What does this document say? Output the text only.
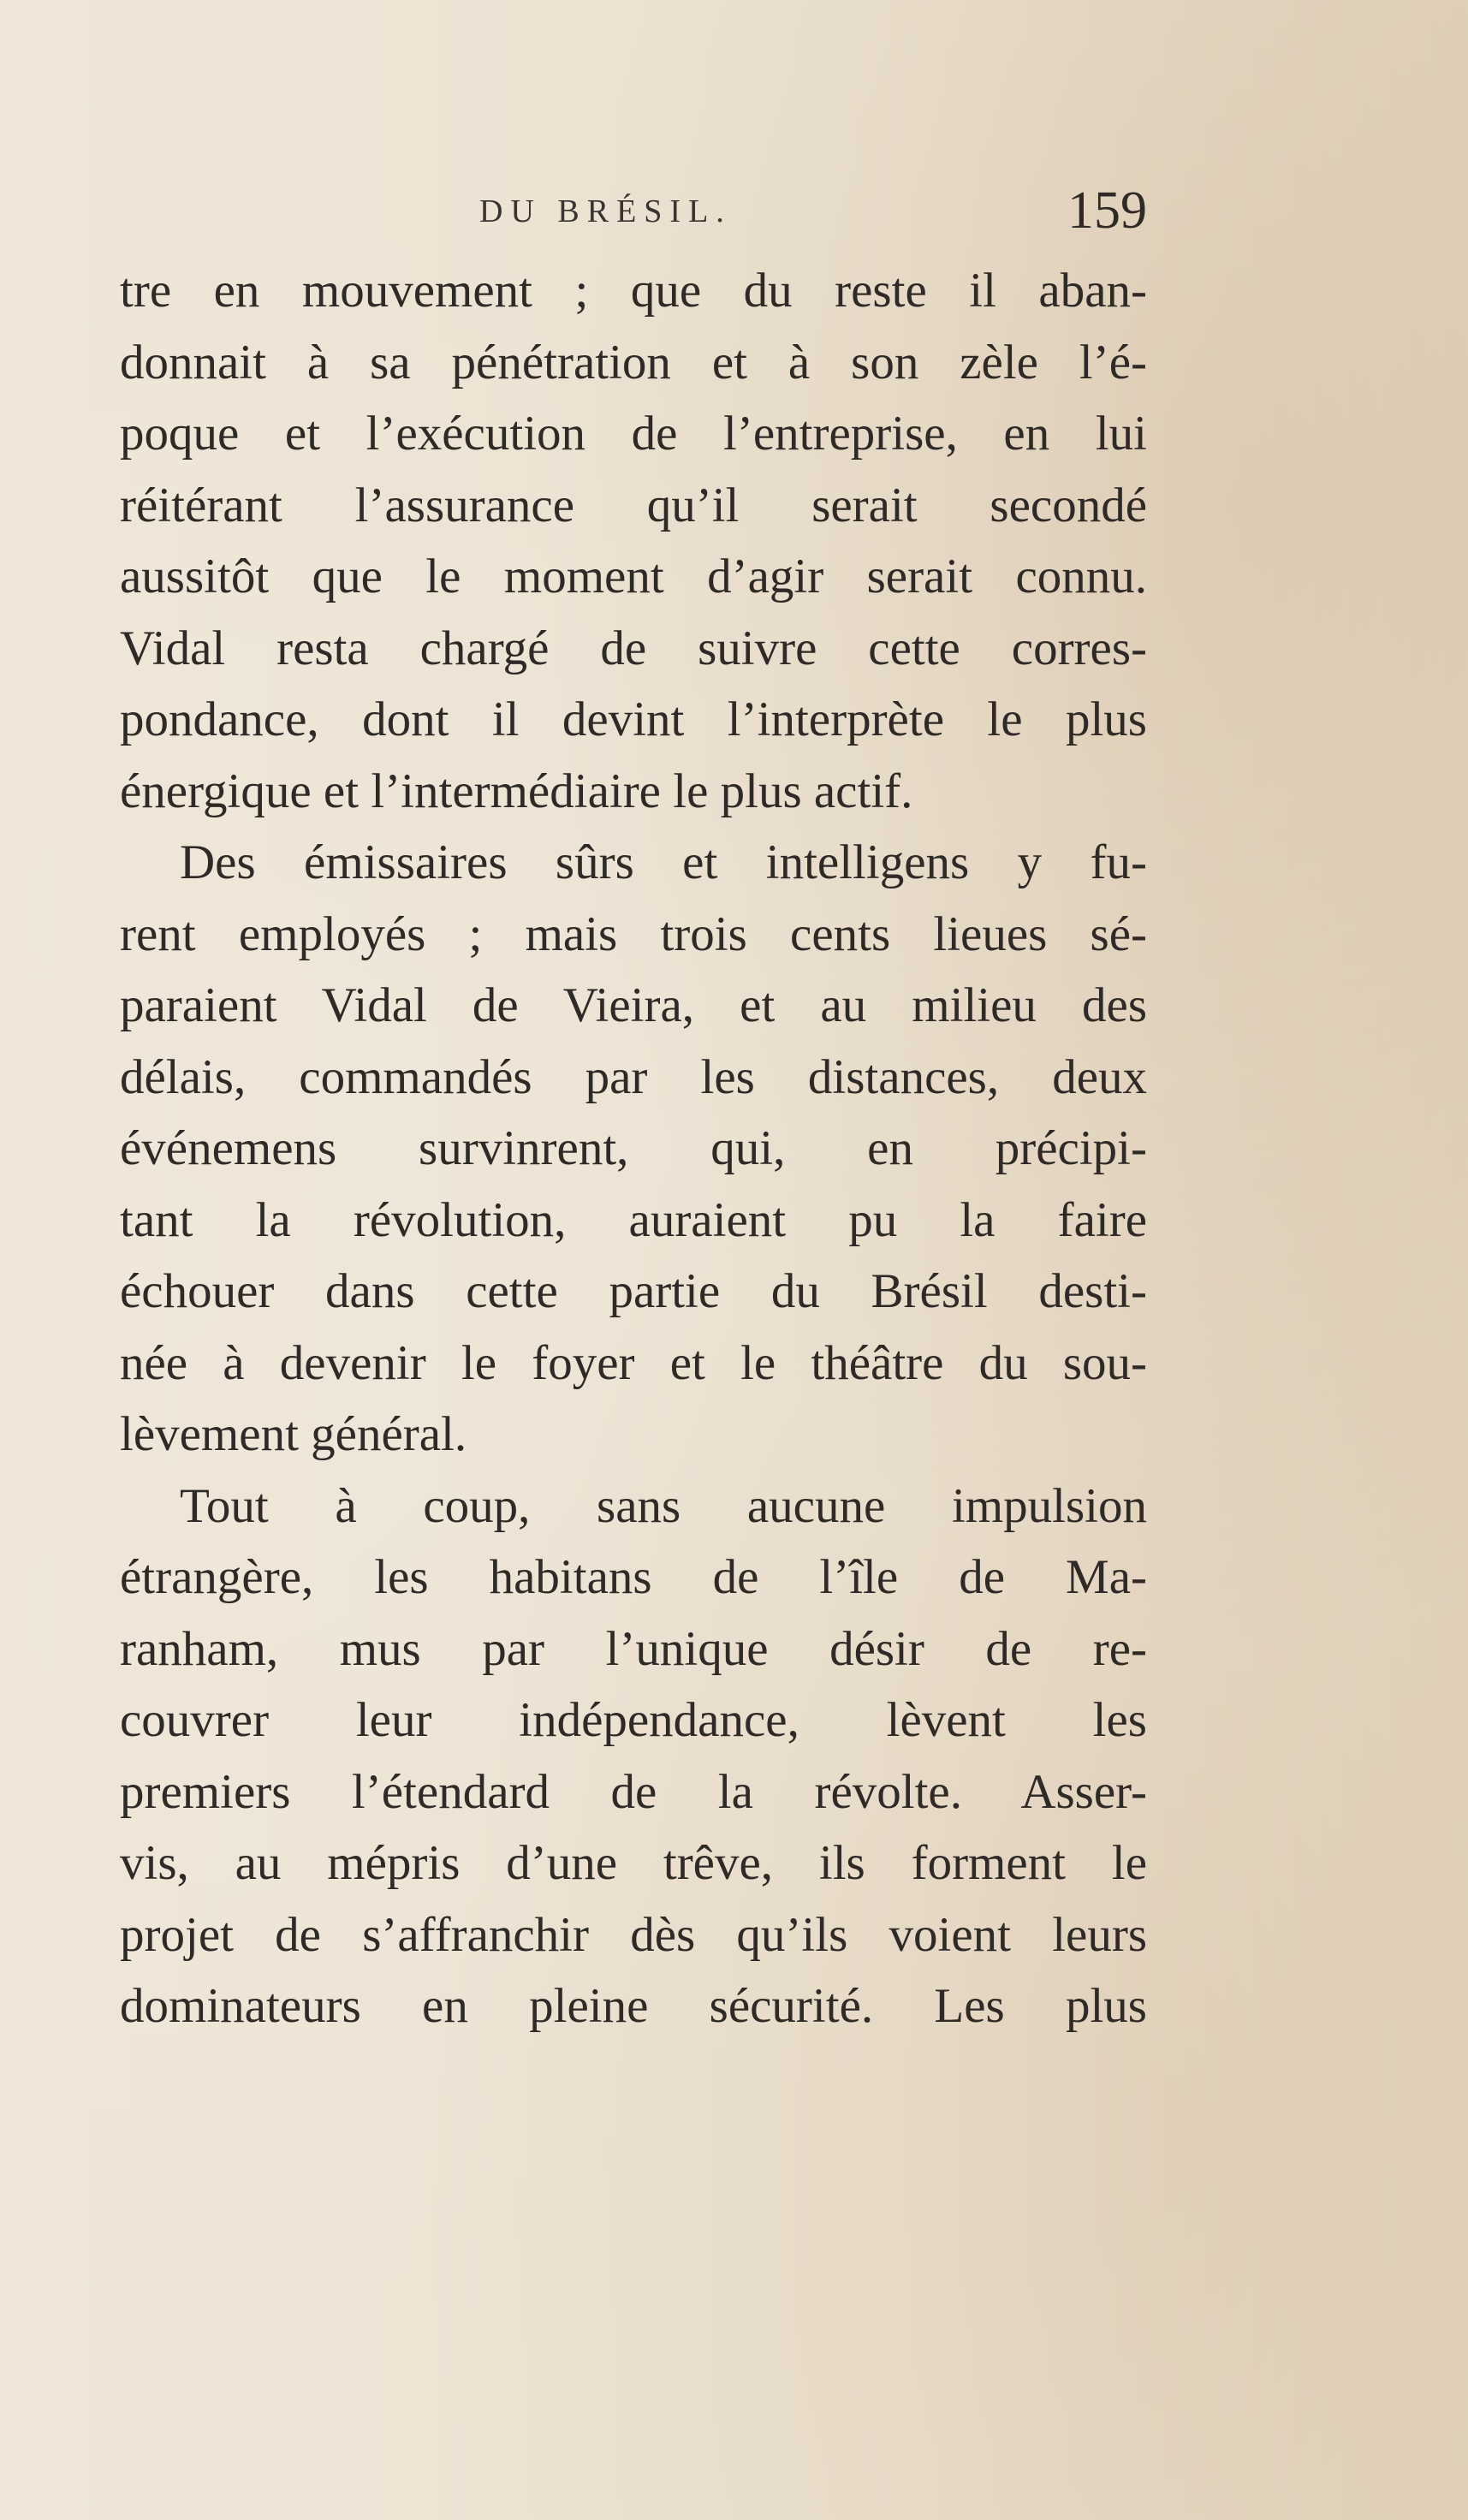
DU BRÉSIL.	159
tre en mouvement ; que du reste il aban-
donnait à sa pénétration et à son zèle l’é-
poque et l’exécution de l’entreprise, en lui
réitérant l’assurance qu’il serait secondé
aussitôt que le moment d’agir serait connu.
Vidal resta chargé de suivre cette corres-
pondance, dont il devint l’interprète le plus
énergique et l’intermédiaire le plus actif.
Des émissaires sûrs et intelligens y fu-
rent employés ; mais trois cents lieues sé-
paraient Vidal de Vieira, et au milieu des
délais, commandés par les distances, deux
événemens survinrent, qui, en précipi-
tant la révolution, auraient pu la faire
échouer dans cette partie du Brésil desti-
née à devenir le foyer et le théâtre du sou-
lèvement général.
Tout à coup, sans aucune impulsion
étrangère, les habitans de l’île de Ma-
ranham, mus par l’unique désir de re-
couvrer leur indépendance, lèvent les
premiers l’étendard de la révolte. Asser-
vis, au mépris d’une trêve, ils forment le
projet de s’affranchir dès qu’ils voient leurs
dominateurs en pleine sécurité. Les plus
